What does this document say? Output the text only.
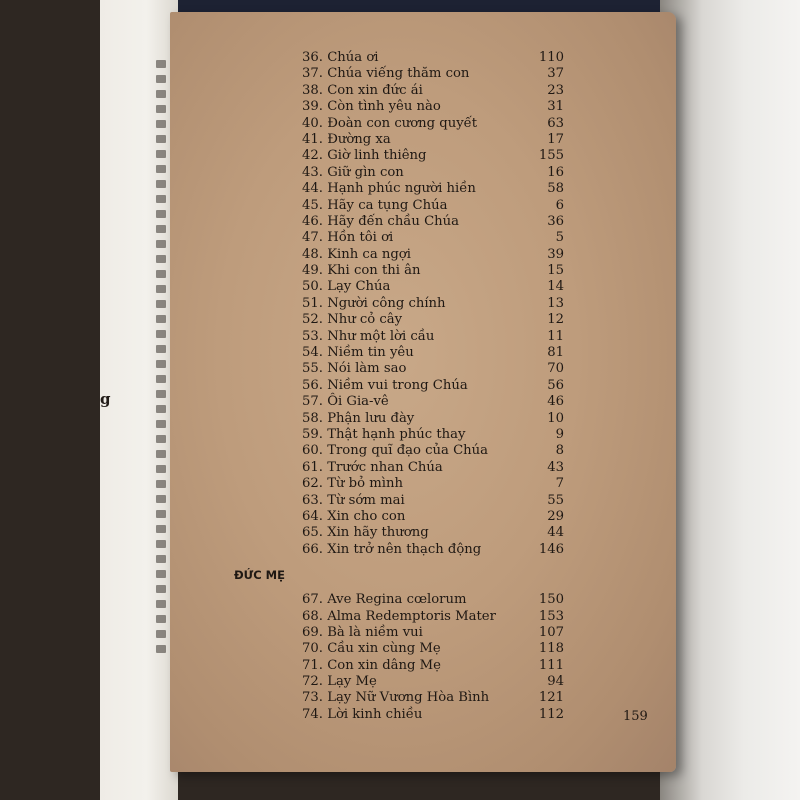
g
36. Chúa ơi	110
37. Chúa viếng thăm con	37
38. Con xin đức ái	23
39. Còn tình yêu nào	31
40. Đoàn con cương quyết	63
41. Đường xa	17
42. Giờ linh thiêng	155
43. Giữ gìn con	16
44. Hạnh phúc người hiền	58
45. Hãy ca tụng Chúa	6
46. Hãy đến chầu Chúa	36
47. Hồn tôi ơi	5
48. Kinh ca ngợi	39
49. Khi con thi ân	15
50. Lạy Chúa	14
51. Người công chính	13
52. Như cỏ cây	12
53. Như một lời cầu	11
54. Niềm tin yêu	81
55. Nói làm sao	70
56. Niềm vui trong Chúa	56
57. Ôi Gia-vê	46
58. Phận lưu đày	10
59. Thật hạnh phúc thay	9
60. Trong quĩ đạo của Chúa	8
61. Trước nhan Chúa	43
62. Từ bỏ mình	7
63. Từ sớm mai	55
64. Xin cho con	29
65. Xin hãy thương	44
66. Xin trở nên thạch động	146
ĐỨC MẸ
67. Ave Regina cœlorum	150
68. Alma Redemptoris Mater	153
69. Bà là niềm vui	107
70. Cầu xin cùng Mẹ	118
71. Con xin dâng Mẹ	111
72. Lạy Mẹ	94
73. Lạy Nữ Vương Hòa Bình	121
74. Lời kinh chiều	112	159
